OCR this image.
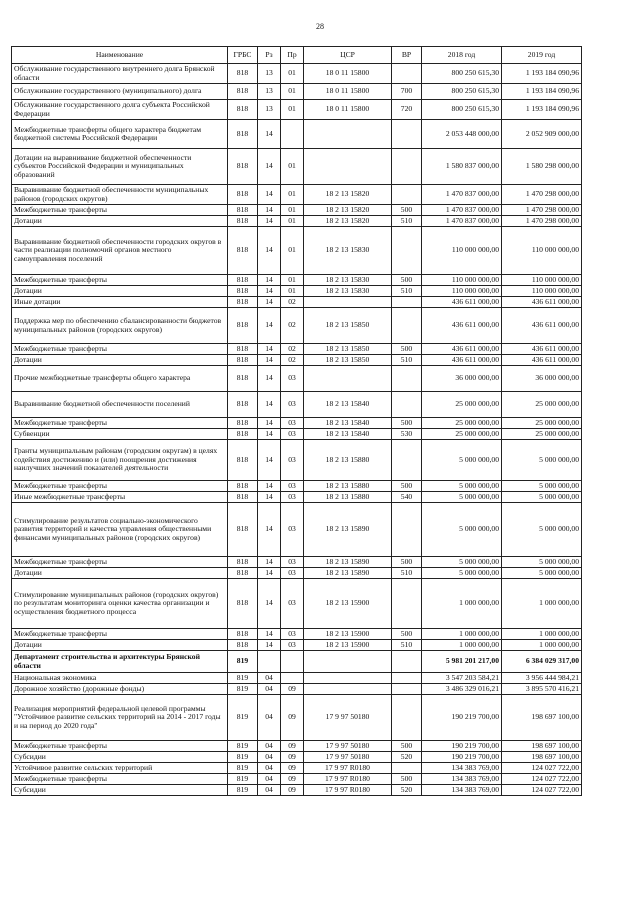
28
Наименование	ГРБС	Рз	Пр	ЦСР	ВР	2018 год	2019 год
Обслуживание государственного внутреннего долга Брянской области	818	13	01	18 0 11 15800		800 250 615,30	1 193 184 090,96
Обслуживание государственного (муниципального) долга	818	13	01	18 0 11 15800	700	800 250 615,30	1 193 184 090,96
Обслуживание государственного долга субъекта Российской Федерации	818	13	01	18 0 11 15800	720	800 250 615,30	1 193 184 090,96
Межбюджетные трансферты общего характера бюджетам бюджетной системы Российской Федерации	818	14				2 053 448 000,00	2 052 909 000,00
Дотации на выравнивание бюджетной обеспеченности субъектов Российской Федерации и муниципальных образований	818	14	01			1 580 837 000,00	1 580 298 000,00
Выравнивание бюджетной обеспеченности муниципальных районов (городских округов)	818	14	01	18 2 13 15820		1 470 837 000,00	1 470 298 000,00
Межбюджетные трансферты	818	14	01	18 2 13 15820	500	1 470 837 000,00	1 470 298 000,00
Дотации	818	14	01	18 2 13 15820	510	1 470 837 000,00	1 470 298 000,00
Выравнивание бюджетной обеспеченности городских округов в части реализации полномочий органов местного самоуправления поселений	818	14	01	18 2 13 15830		110 000 000,00	110 000 000,00
Межбюджетные трансферты	818	14	01	18 2 13 15830	500	110 000 000,00	110 000 000,00
Дотации	818	14	01	18 2 13 15830	510	110 000 000,00	110 000 000,00
Иные дотации	818	14	02			436 611 000,00	436 611 000,00
Поддержка мер по обеспечению сбалансированности бюджетов муниципальных районов (городских округов)	818	14	02	18 2 13 15850		436 611 000,00	436 611 000,00
Межбюджетные трансферты	818	14	02	18 2 13 15850	500	436 611 000,00	436 611 000,00
Дотации	818	14	02	18 2 13 15850	510	436 611 000,00	436 611 000,00
Прочие межбюджетные трансферты общего характера	818	14	03			36 000 000,00	36 000 000,00
Выравнивание бюджетной обеспеченности поселений	818	14	03	18 2 13 15840		25 000 000,00	25 000 000,00
Межбюджетные трансферты	818	14	03	18 2 13 15840	500	25 000 000,00	25 000 000,00
Субвенции	818	14	03	18 2 13 15840	530	25 000 000,00	25 000 000,00
Гранты муниципальным районам (городским округам) в целях содействия достижению и (или) поощрения достижения наилучших значений показателей деятельности	818	14	03	18 2 13 15880		5 000 000,00	5 000 000,00
Межбюджетные трансферты	818	14	03	18 2 13 15880	500	5 000 000,00	5 000 000,00
Иные межбюджетные трансферты	818	14	03	18 2 13 15880	540	5 000 000,00	5 000 000,00
Стимулирование результатов социально-экономического развития территорий и качества управления общественными финансами муниципальных районов (городских округов)	818	14	03	18 2 13 15890		5 000 000,00	5 000 000,00
Межбюджетные трансферты	818	14	03	18 2 13 15890	500	5 000 000,00	5 000 000,00
Дотации	818	14	03	18 2 13 15890	510	5 000 000,00	5 000 000,00
Стимулирование муниципальных районов (городских округов) по результатам мониторинга оценки качества организации и осуществления бюджетного процесса	818	14	03	18 2 13 15900		1 000 000,00	1 000 000,00
Межбюджетные трансферты	818	14	03	18 2 13 15900	500	1 000 000,00	1 000 000,00
Дотации	818	14	03	18 2 13 15900	510	1 000 000,00	1 000 000,00
Департамент строительства и архитектуры Брянской области	819					5 981 201 217,00	6 384 029 317,00
Национальная экономика	819	04				3 547 203 584,21	3 956 444 984,21
Дорожное хозяйство (дорожные фонды)	819	04	09			3 486 329 016,21	3 895 570 416,21
Реализация мероприятий федеральной целевой программы "Устойчивое развитие сельских территорий на 2014 - 2017 годы и на период до 2020 года"	819	04	09	17 9 97 50180		190 219 700,00	198 697 100,00
Межбюджетные трансферты	819	04	09	17 9 97 50180	500	190 219 700,00	198 697 100,00
Субсидии	819	04	09	17 9 97 50180	520	190 219 700,00	198 697 100,00
Устойчивое развитие сельских территорий	819	04	09	17 9 97 R0180		134 383 769,00	124 027 722,00
Межбюджетные трансферты	819	04	09	17 9 97 R0180	500	134 383 769,00	124 027 722,00
Субсидии	819	04	09	17 9 97 R0180	520	134 383 769,00	124 027 722,00
